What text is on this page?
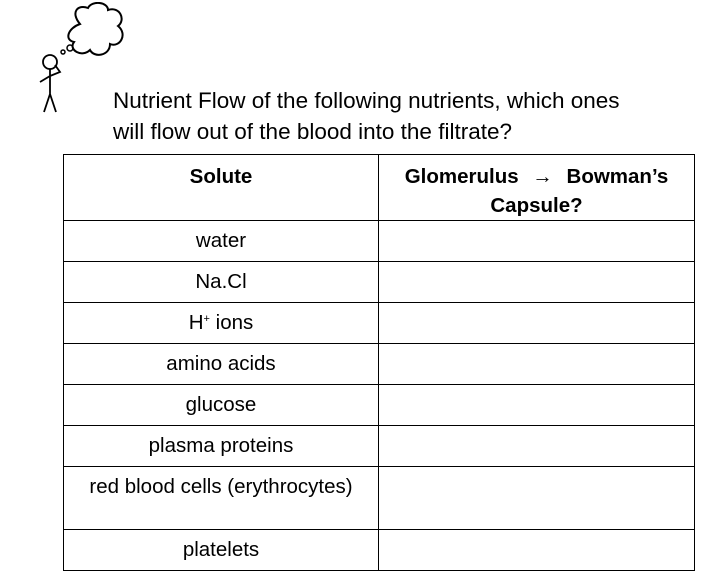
Nutrient Flow of the following nutrients, which ones
will flow out of the blood into the filtrate?
Solute	Glomerulus → Bowman’s
Capsule?

water	
Na.Cl	
H+ ions	
amino acids	
glucose	
plasma proteins	
red blood cells (erythrocytes)	
platelets	
